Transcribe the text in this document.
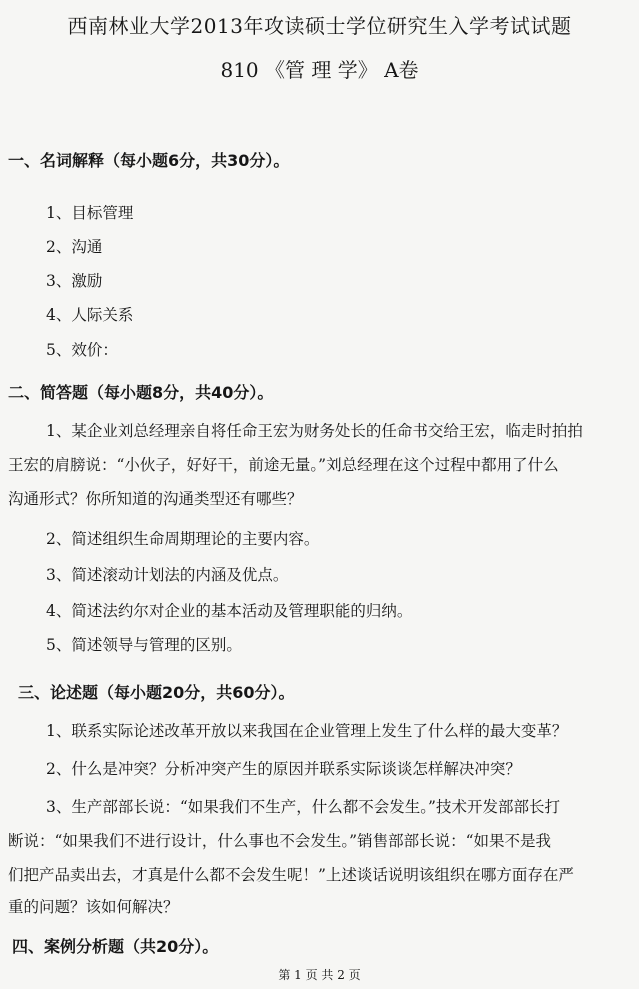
西南林业大学2013年攻读硕士学位研究生入学考试试题
810 《管 理 学》 A卷
一、名词解释（每小题6分，共30分）。
1、目标管理
2、沟通
3、激励
4、人际关系
5、效价：
二、简答题（每小题8分，共40分）。
1、某企业刘总经理亲自将任命王宏为财务处长的任命书交给王宏，临走时拍拍
王宏的肩膀说：“小伙子，好好干，前途无量。”刘总经理在这个过程中都用了什么
沟通形式？你所知道的沟通类型还有哪些？
2、简述组织生命周期理论的主要内容。
3、简述滚动计划法的内涵及优点。
4、简述法约尔对企业的基本活动及管理职能的归纳。
5、简述领导与管理的区别。
三、论述题（每小题20分，共60分）。
1、联系实际论述改革开放以来我国在企业管理上发生了什么样的最大变革？
2、什么是冲突？分析冲突产生的原因并联系实际谈谈怎样解决冲突？
3、生产部部长说：“如果我们不生产，什么都不会发生。”技术开发部部长打
断说：“如果我们不进行设计，什么事也不会发生。”销售部部长说：“如果不是我
们把产品卖出去，才真是什么都不会发生呢！”上述谈话说明该组织在哪方面存在严
重的问题？该如何解决？
四、案例分析题（共20分）。
第 1 页 共 2 页
